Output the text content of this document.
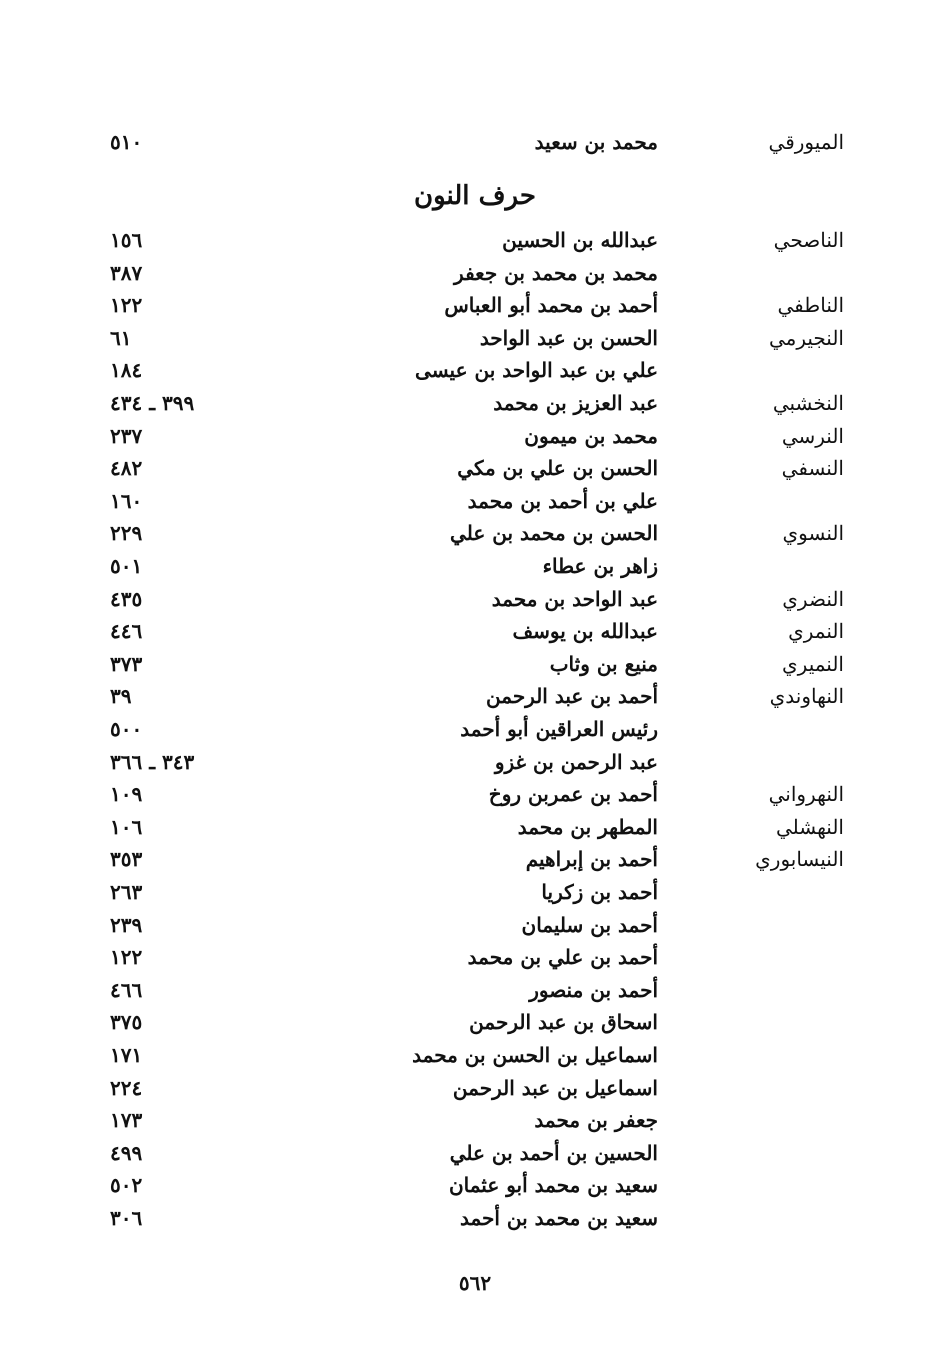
الميورقي
محمد بن سعيد
٥١٠
حرف النون
الناصحي
عبدالله بن الحسين
١٥٦
محمد بن محمد بن جعفر
٣٨٧
الناطفي
أحمد بن محمد أبو العباس
١٢٢
النجيرمي
الحسن بن عبد الواحد
٦١
علي بن عبد الواحد بن عيسى
١٨٤
النخشبي
عبد العزيز بن محمد
٣٩٩ ـ ٤٣٤
النرسي
محمد بن ميمون
٢٣٧
النسفي
الحسن بن علي بن مكي
٤٨٢
علي بن أحمد بن محمد
١٦٠
النسوي
الحسن بن محمد بن علي
٢٢٩
زاهر بن عطاء
٥٠١
النضري
عبد الواحد بن محمد
٤٣٥
النمري
عبدالله بن يوسف
٤٤٦
النميري
منيع بن وثاب
٣٧٣
النهاوندي
أحمد بن عبد الرحمن
٣٩
رئيس العراقين أبو أحمد
٥٠٠
عبد الرحمن بن غزو
٣٤٣ ـ ٣٦٦
النهرواني
أحمد بن عمربن روخ
١٠٩
النهشلي
المطهر بن محمد
١٠٦
النيسابوري
أحمد بن إبراهيم
٣٥٣
أحمد بن زكريا
٢٦٣
أحمد بن سليمان
٢٣٩
أحمد بن علي بن محمد
١٢٢
أحمد بن منصور
٤٦٦
اسحاق بن عبد الرحمن
٣٧٥
اسماعيل بن الحسن بن محمد
١٧١
اسماعيل بن عبد الرحمن
٢٢٤
جعفر بن محمد
١٧٣
الحسين بن أحمد بن علي
٤٩٩
سعيد بن محمد أبو عثمان
٥٠٢
سعيد بن محمد بن أحمد
٣٠٦
٥٦٢
